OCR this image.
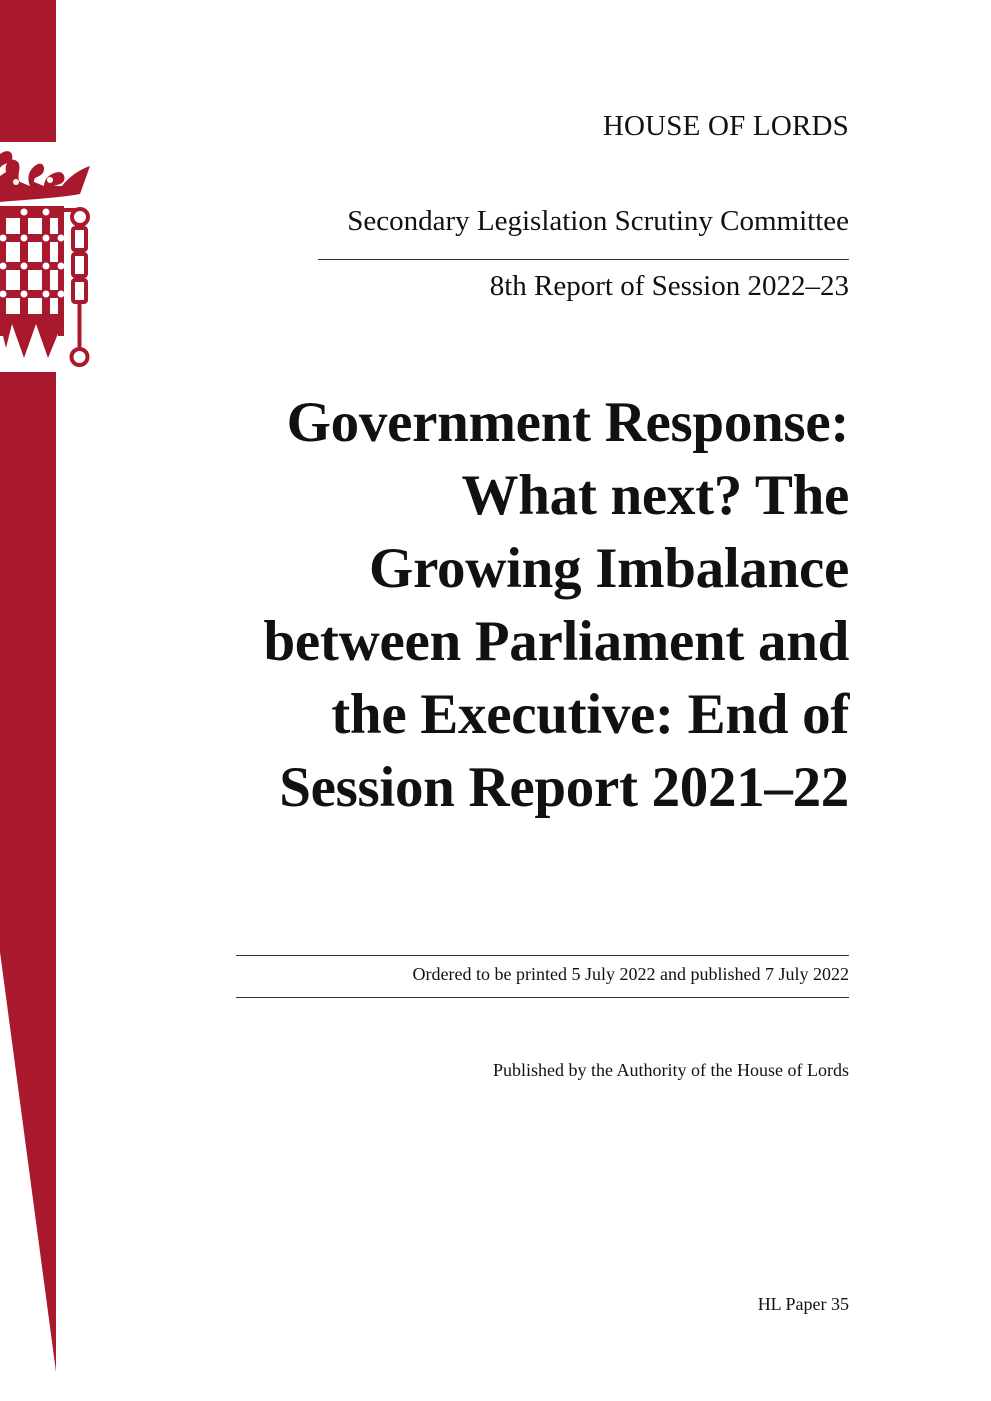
HOUSE OF LORDS
Secondary Legislation Scrutiny Committee
8th Report of Session 2022–23
Government Response:
What next? The
Growing Imbalance
between Parliament and
the Executive: End of
Session Report 2021–22
Ordered to be printed 5 July 2022 and published 7 July 2022
Published by the Authority of the House of Lords
HL Paper 35
